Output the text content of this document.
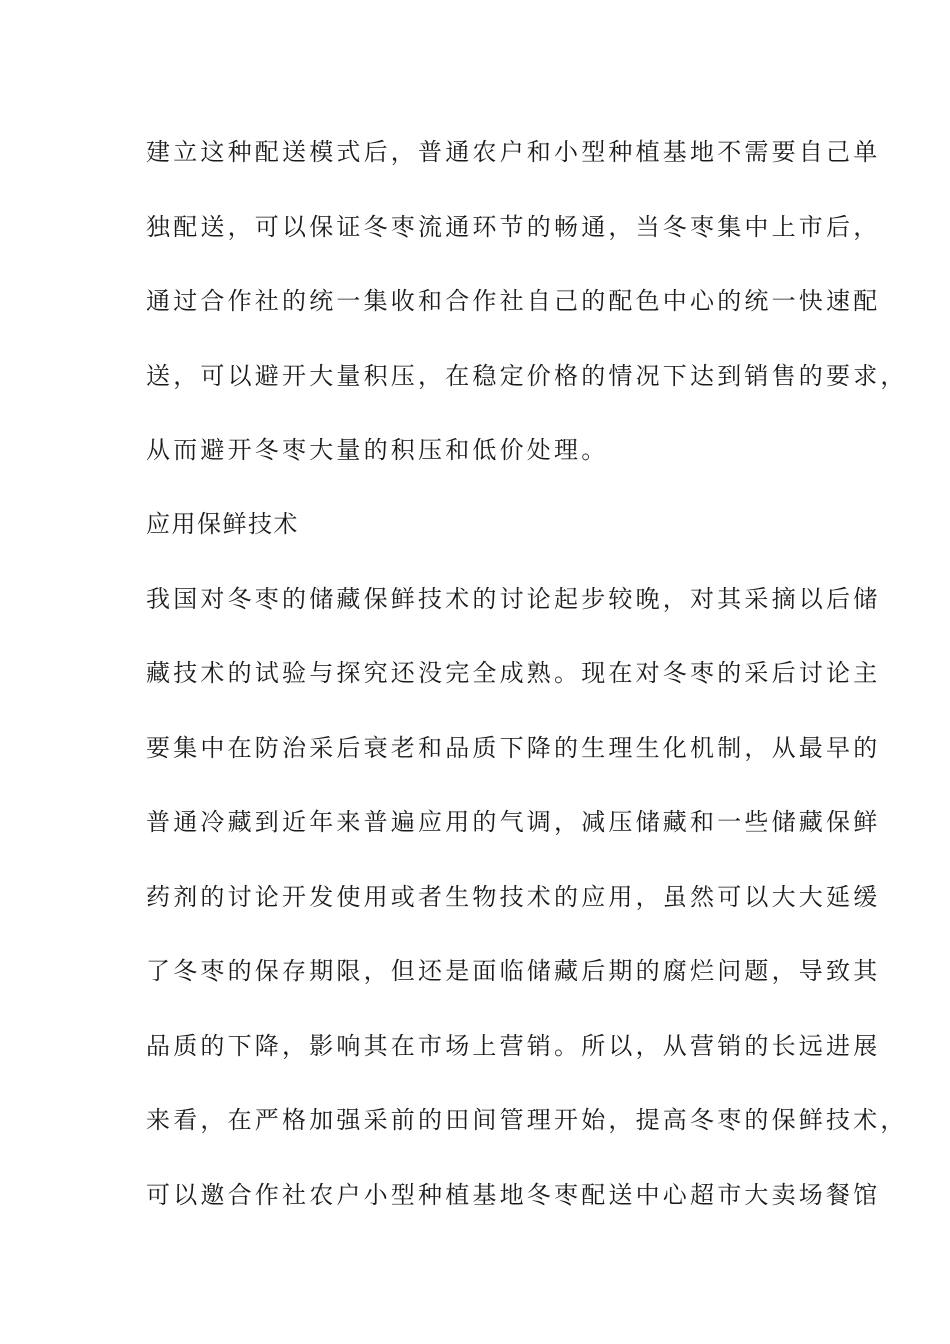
建立这种配送模式后，普通农户和小型种植基地不需要自己单
独配送，可以保证冬枣流通环节的畅通，当冬枣集中上市后，
通过合作社的统一集收和合作社自己的配色中心的统一快速配
送，可以避开大量积压，在稳定价格的情况下达到销售的要求，
从而避开冬枣大量的积压和低价处理。
应用保鲜技术
我国对冬枣的储藏保鲜技术的讨论起步较晚，对其采摘以后储
藏技术的试验与探究还没完全成熟。现在对冬枣的采后讨论主
要集中在防治采后衰老和品质下降的生理生化机制，从最早的
普通冷藏到近年来普遍应用的气调，减压储藏和一些储藏保鲜
药剂的讨论开发使用或者生物技术的应用，虽然可以大大延缓
了冬枣的保存期限，但还是面临储藏后期的腐烂问题，导致其
品质的下降，影响其在市场上营销。所以，从营销的长远进展
来看，在严格加强采前的田间管理开始，提高冬枣的保鲜技术，
可以邀合作社农户小型种植基地冬枣配送中心超市大卖场餐馆
